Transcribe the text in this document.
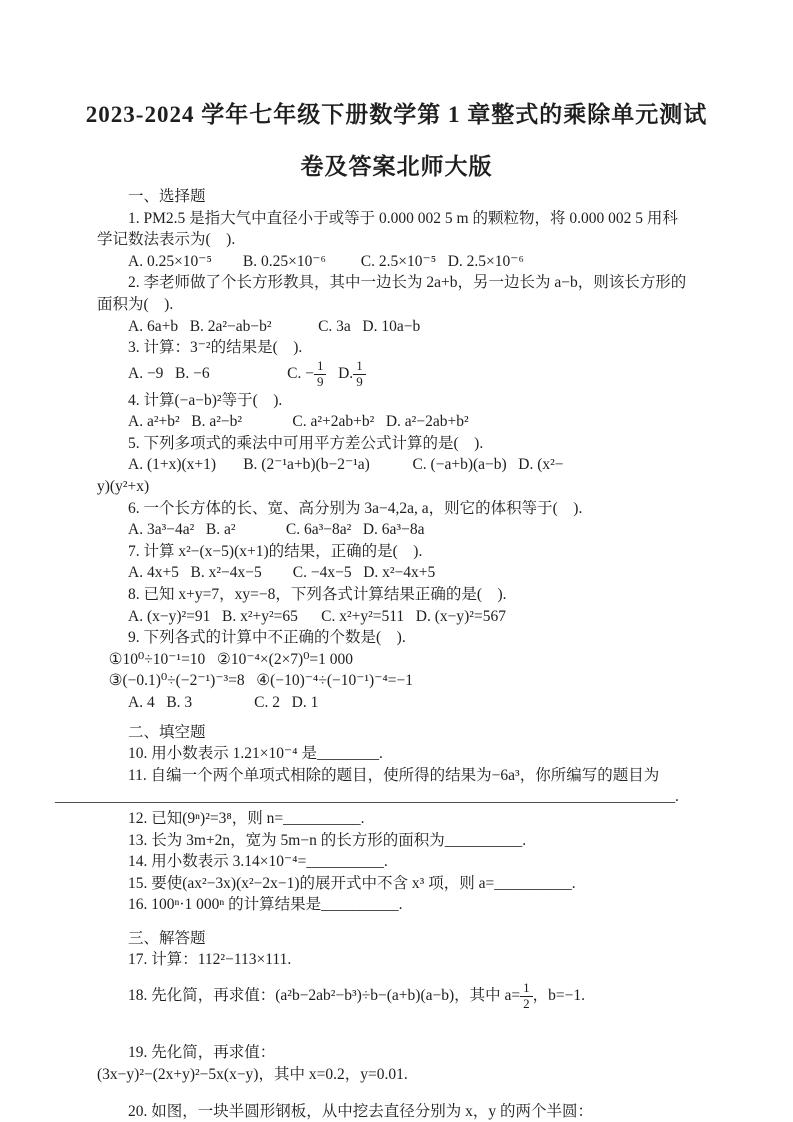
2023-2024 学年七年级下册数学第 1 章整式的乘除单元测试
卷及答案北师大版

一、选择题

1. PM2.5 是指大气中直径小于或等于 0.000 002 5 m 的颗粒物，将 0.000 002 5 用科

学记数法表示为(    ).

A. 0.25×10⁻⁵        B. 0.25×10⁻⁶         C. 2.5×10⁻⁵   D. 2.5×10⁻⁶

2. 李老师做了个长方形教具，其中一边长为 2a+b，另一边长为 a−b，则该长方形的

面积为(    ).

A. 6a+b   B. 2a²−ab−b²            C. 3a   D. 10a−b

3. 计算：3⁻²的结果是(    ).

A. −9   B. −6                    C. − $\frac{1}{9} D$. $\frac{1}{9}$

4. 计算(−a−b)²等于(    ).

A. a²+b²   B. a²−b²             C. a²+2ab+b²   D. a²−2ab+b²

5. 下列多项式的乘法中可用平方差公式计算的是(    ).

A. (1+x)(x+1)       B. (2⁻¹a+b)(b−2⁻¹a)           C. (−a+b)(a−b)   D. (x²−

y)(y²+x)

6. 一个长方体的长、宽、高分别为 3a−4,2a, a，则它的体积等于(    ).

A. 3a³−4a²   B. a²             C. 6a³−8a²   D. 6a³−8a

7. 计算 x²−(x−5)(x+1)的结果，正确的是(    ).

A. 4x+5   B. x²−4x−5        C. −4x−5   D. x²−4x+5

8. 已知 x+y=7，xy=−8，下列各式计算结果正确的是(    ).

A. (x−y)²=91   B. x²+y²=65      C. x²+y²=511   D. (x−y)²=567

9. 下列各式的计算中不正确的个数是(    ).

①10⁰÷10⁻¹=10   ②10⁻⁴×(2×7)⁰=1 000

③(−0.1)⁰÷(−2⁻¹)⁻³=8   ④(−10)⁻⁴÷(−10⁻¹)⁻⁴=−1

A. 4   B. 3                C. 2   D. 1

二、填空题

10. 用小数表示 1.21×10⁻⁴ 是________.

11. 自编一个两个单项式相除的题目，使所得的结果为−6a³，你所编写的题目为

________________________________________________________________________________.

12. 已知(9ⁿ)²=3⁸，则 n=__________.

13. 长为 3m+2n，宽为 5m−n 的长方形的面积为__________.

14. 用小数表示 3.14×10⁻⁴=__________.

15. 要使(ax²−3x)(x²−2x−1)的展开式中不含 x³ 项，则 a=__________.

16. 100ⁿ·1 000ⁿ 的计算结果是__________.

三、解答题

17. 计算：112²−113×111.

18. 先化简，再求值：(a²b−2ab²−b³)÷b−(a+b)(a−b)，其中 $a= \frac{1}{2}$ ，b=−1.

19. 先化简，再求值：

(3x−y)²−(2x+y)²−5x(x−y)，其中 x=0.2，y=0.01.

20. 如图，一块半圆形钢板，从中挖去直径分别为 x，y 的两个半圆：
